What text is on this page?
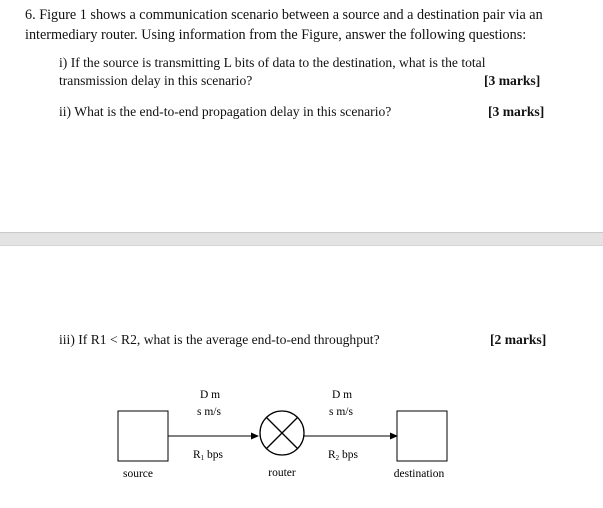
6. Figure 1 shows a communication scenario between a source and a destination pair via an
intermediary router. Using information from the Figure, answer the following questions:
i) If the source is transmitting L bits of data to the destination, what is the total
transmission delay in this scenario?	[3 marks]
ii) What is the end-to-end propagation delay in this scenario?	[3 marks]
iii) If R1 < R2, what is the average end-to-end throughput?	[2 marks]
D m
s m/s
R1 bps
D m
s m/s
R2 bps
source	router	destination
